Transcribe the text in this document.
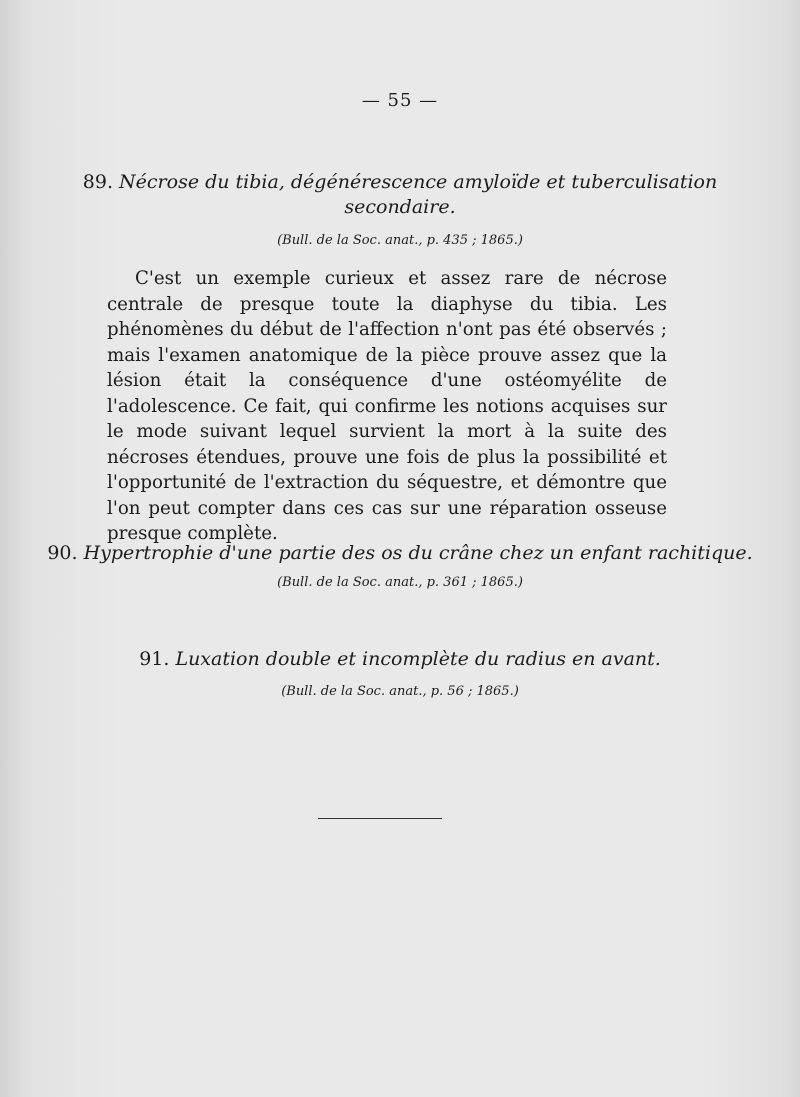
— 55 —
89. Nécrose du tibia, dégénérescence amyloïde et tuberculisation
secondaire.
(Bull. de la Soc. anat., p. 435 ; 1865.)
C'est un exemple curieux et assez rare de nécrose centrale de presque toute la diaphyse du tibia. Les phénomènes du début de l'affection n'ont pas été observés ; mais l'examen anatomique de la pièce prouve assez que la lésion était la conséquence d'une ostéomyélite de l'adolescence. Ce fait, qui confirme les notions acquises sur le mode suivant lequel survient la mort à la suite des nécroses étendues, prouve une fois de plus la possibilité et l'opportunité de l'extraction du séquestre, et démontre que l'on peut compter dans ces cas sur une réparation osseuse presque complète.
90. Hypertrophie d'une partie des os du crâne chez un enfant rachitique.
(Bull. de la Soc. anat., p. 361 ; 1865.)
91. Luxation double et incomplète du radius en avant.
(Bull. de la Soc. anat., p. 56 ; 1865.)
